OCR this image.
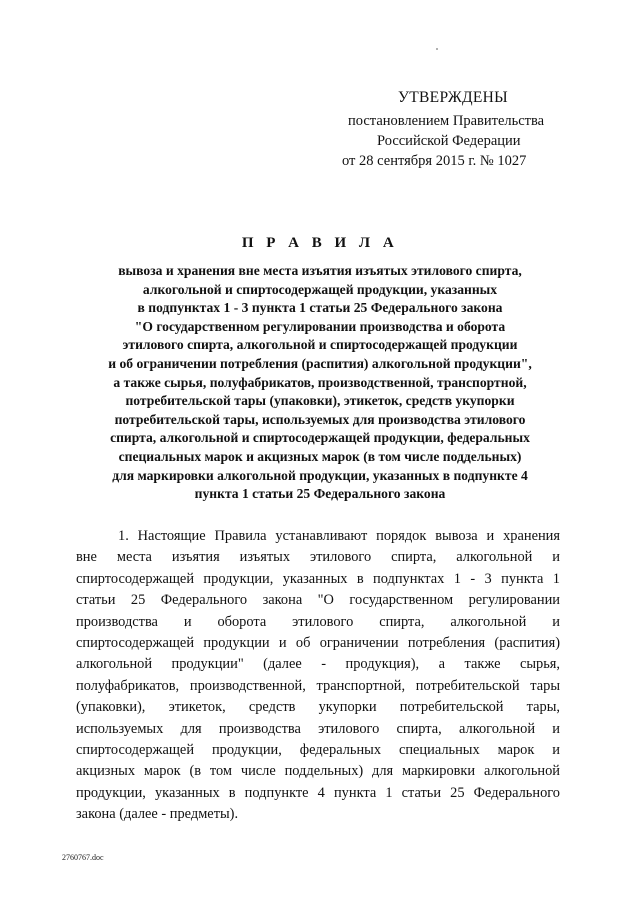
УТВЕРЖДЕНЫ
постановлением Правительства
Российской Федерации
от 28 сентября 2015 г. № 1027
П Р А В И Л А
вывоза и хранения вне места изъятия изъятых этилового спирта,
алкогольной и спиртосодержащей продукции, указанных
в подпунктах 1 - 3 пункта 1 статьи 25 Федерального закона
"О государственном регулировании производства и оборота
этилового спирта, алкогольной и спиртосодержащей продукции
и об ограничении потребления (распития) алкогольной продукции",
а также сырья, полуфабрикатов, производственной, транспортной,
потребительской тары (упаковки), этикеток, средств укупорки
потребительской тары, используемых для производства этилового
спирта, алкогольной и спиртосодержащей продукции, федеральных
специальных марок и акцизных марок (в том числе поддельных)
для маркировки алкогольной продукции, указанных в подпункте 4
пункта 1 статьи 25 Федерального закона
1. Настоящие Правила устанавливают порядок вывоза и хранения
вне места изъятия изъятых этилового спирта, алкогольной и
спиртосодержащей продукции, указанных в подпунктах 1 - 3 пункта 1
статьи 25 Федерального закона "О государственном регулировании
производства и оборота этилового спирта, алкогольной и
спиртосодержащей продукции и об ограничении потребления (распития)
алкогольной продукции" (далее - продукция), а также сырья,
полуфабрикатов, производственной, транспортной, потребительской тары
(упаковки), этикеток, средств укупорки потребительской тары,
используемых для производства этилового спирта, алкогольной и
спиртосодержащей продукции, федеральных специальных марок и
акцизных марок (в том числе поддельных) для маркировки алкогольной
продукции, указанных в подпункте 4 пункта 1 статьи 25 Федерального
закона (далее - предметы).
2760767.doc
